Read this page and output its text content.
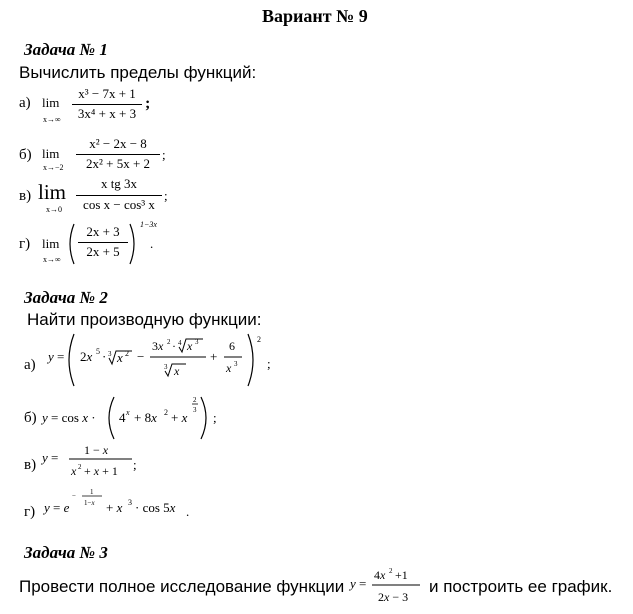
Вариант № 9
Задача № 1
Вычислить пределы функций:
а) lim
x→∞
x³ − 7x + 1
3x⁴ + x + 3
;
б) lim
x→−2
x² − 2x − 8
2x² + 5x + 2
;
в) lim
x→0
x tg 3x
cos x − cos³ x
;
г) lim
x→∞
2x + 3
2x + 5
1−3x
.
Задача № 2
Найти производную функции:
а)
y = 2x 5 · 3 x 2 −
3x 2 · 4 x 3
3 x
+
6
x 3
2
;
б) y = cos x · 4 x + 8x 2 + x
2
3 ;
в) y = 1 − x
x 2 + x + 1 ;
г) y = e
− 1
1−x + x 3 · cos 5x .
Задача № 3
Провести полное исследование функции y =
4x 2 +1
2x − 3
и построить ее график.
